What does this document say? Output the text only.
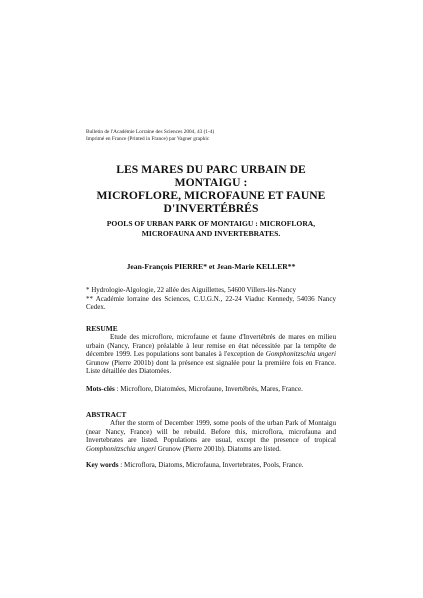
Bulletin de l'Académie Lorraine des Sciences 2004, 43 (1-4)
Imprimé en France (Printed in France) par Vagner graphic
LES MARES DU PARC URBAIN DE MONTAIGU :
MICROFLORE, MICROFAUNE ET FAUNE
D'INVERTÉBRÉS
POOLS OF URBAN PARK OF MONTAIGU : MICROFLORA,
MICROFAUNA AND INVERTEBRATES.
Jean-François PIERRE* et Jean-Marie KELLER**
* Hydrologie-Algologie, 22 allée des Aiguillettes, 54600 Villers-lès-Nancy
** Académie lorraine des Sciences, C.U.G.N., 22-24 Viaduc Kennedy, 54036 Nancy Cedex.
RESUME
Etude des microflore, microfaune et faune d'Invertébrés de mares en milieu urbain (Nancy, France) préalable à leur remise en état nécessitée par la tempête de décembre 1999. Les populations sont banales à l'exception de Gomphonitzschia ungeri Grunow (Pierre 2001b) dont la présence est signalée pour la première fois en France. Liste détaillée des Diatomées.
Mots-clés : Microflore, Diatomées, Microfaune, Invertébrés, Mares, France.
ABSTRACT
After the storm of December 1999, some pools of the urban Park of Montaigu (near Nancy, France) will be rebuild. Before this, microflora, microfauna and Invertebrates are listed. Populations are usual, except the presence of tropical Gomphonitzschia ungeri Grunow (Pierre 2001b). Diatoms are listed.
Key words : Microflora, Diatoms, Microfauna, Invertebrates, Pools, France.
